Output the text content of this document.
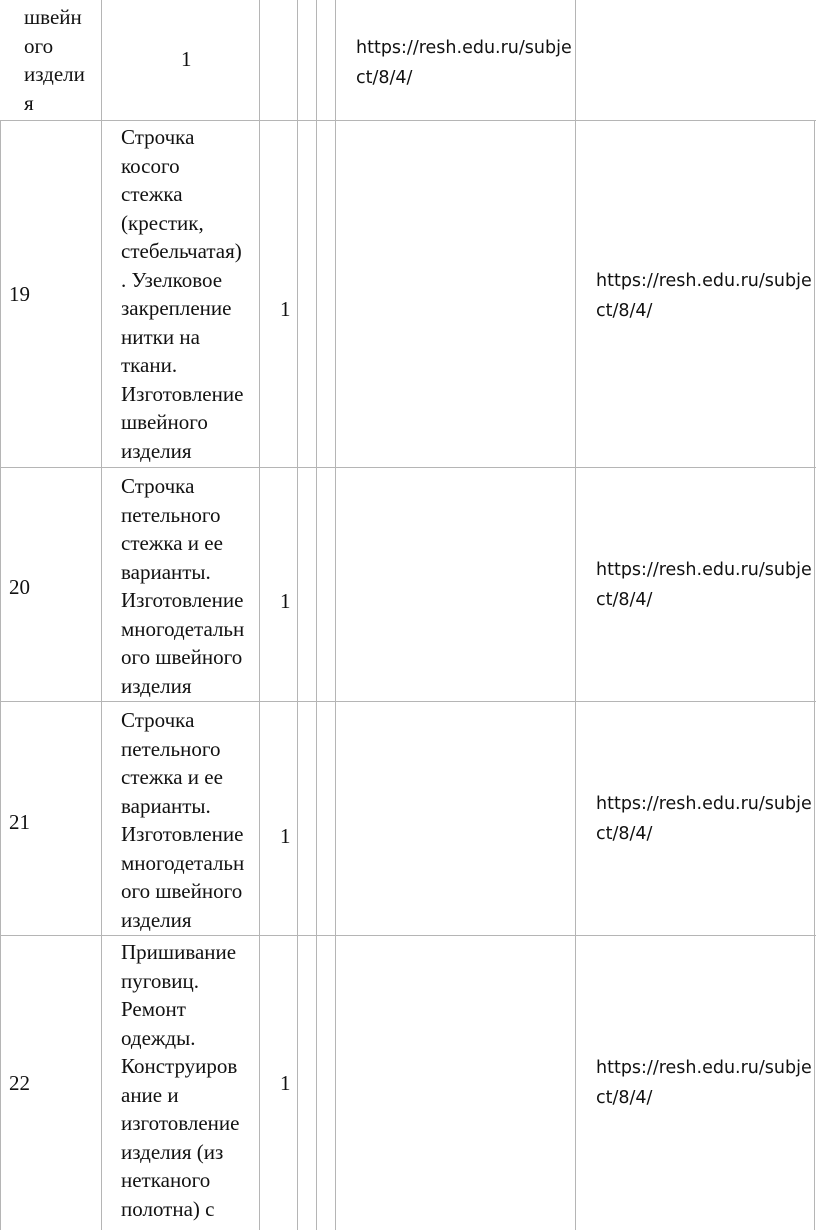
швейн
ого
издели
я
1	https://resh.edu.ru/subje
ct/8/4/
19
Строчка
косого
стежка
(крестик,
стебельчатая)
. Узелковое
закрепление
нитки на
ткани.
Изготовление
швейного
изделия
1
https://resh.edu.ru/subje
ct/8/4/
20
Строчка
петельного
стежка и ее
варианты.
Изготовление
многодетальн
ого швейного
изделия
1
https://resh.edu.ru/subje
ct/8/4/
21
Строчка
петельного
стежка и ее
варианты.
Изготовление
многодетальн
ого швейного
изделия
1
https://resh.edu.ru/subje
ct/8/4/
22
Пришивание
пуговиц.
Ремонт
одежды.
Конструиров
ание и
изготовление
изделия (из
нетканого
полотна) с
1
https://resh.edu.ru/subje
ct/8/4/
